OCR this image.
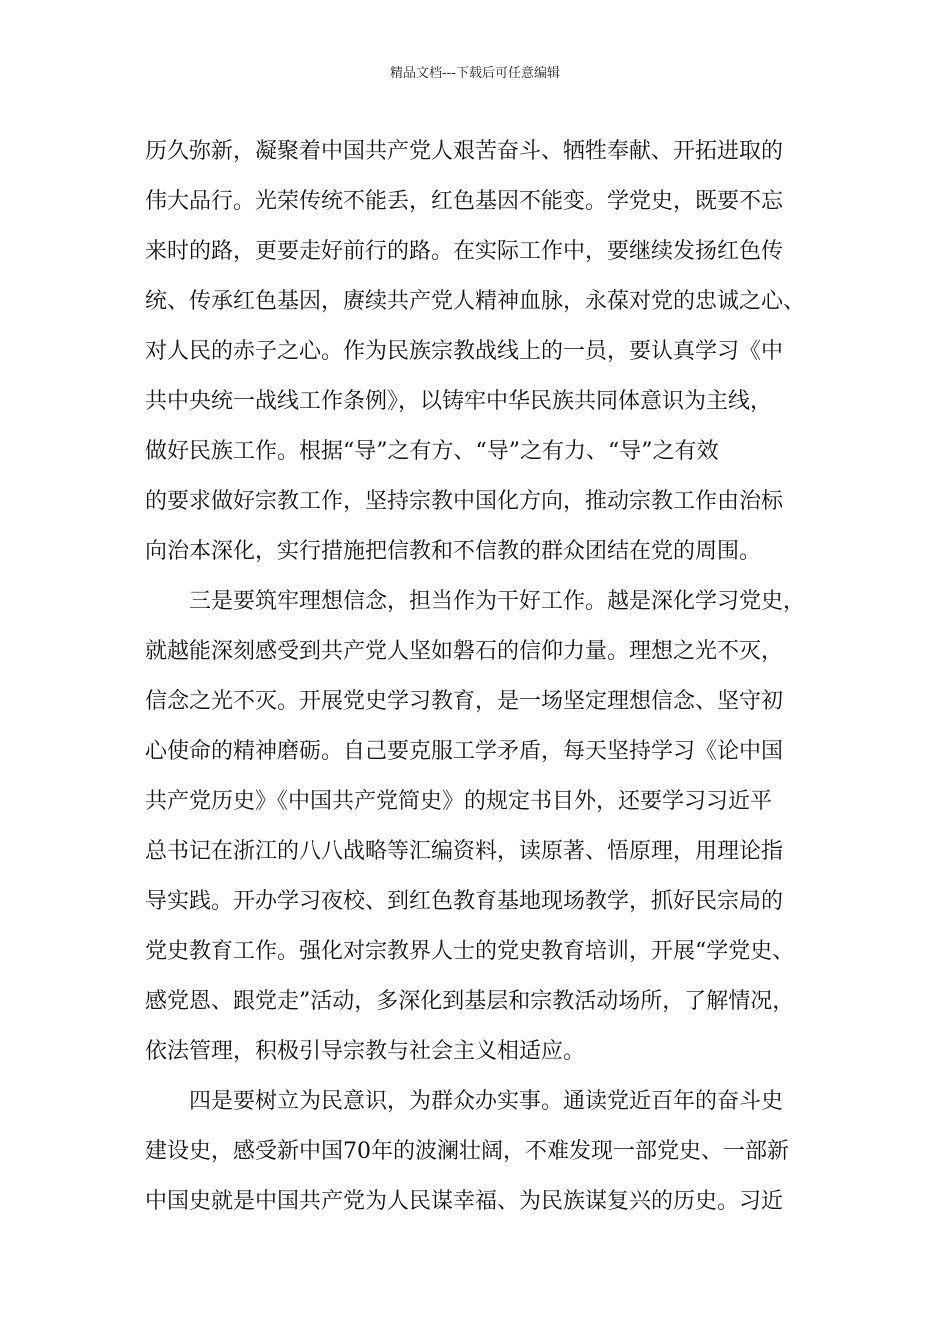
精品文档---下载后可任意编辑
历久弥新，凝聚着中国共产党人艰苦奋斗、牺牲奉献、开拓进取的
伟大品行。光荣传统不能丢，红色基因不能变。学党史，既要不忘
来时的路，更要走好前行的路。在实际工作中，要继续发扬红色传
统、传承红色基因，赓续共产党人精神血脉，永葆对党的忠诚之心、
对人民的赤子之心。作为民族宗教战线上的一员，要认真学习《中
共中央统一战线工作条例》，以铸牢中华民族共同体意识为主线，
做好民族工作。根据“导”之有方、“导”之有力、“导”之有效
的要求做好宗教工作，坚持宗教中国化方向，推动宗教工作由治标
向治本深化，实行措施把信教和不信教的群众团结在党的周围。
　　三是要筑牢理想信念，担当作为干好工作。越是深化学习党史，
就越能深刻感受到共产党人坚如磐石的信仰力量。理想之光不灭，
信念之光不灭。开展党史学习教育，是一场坚定理想信念、坚守初
心使命的精神磨砺。自己要克服工学矛盾，每天坚持学习《论中国
共产党历史》《中国共产党简史》的规定书目外，还要学习习近平
总书记在浙江的八八战略等汇编资料，读原著、悟原理，用理论指
导实践。开办学习夜校、到红色教育基地现场教学，抓好民宗局的
党史教育工作。强化对宗教界人士的党史教育培训，开展“学党史、
感党恩、跟党走”活动，多深化到基层和宗教活动场所，了解情况，
依法管理，积极引导宗教与社会主义相适应。
　　四是要树立为民意识，为群众办实事。通读党近百年的奋斗史
建设史，感受新中国70年的波澜壮阔，不难发现一部党史、一部新
中国史就是中国共产党为人民谋幸福、为民族谋复兴的历史。习近
